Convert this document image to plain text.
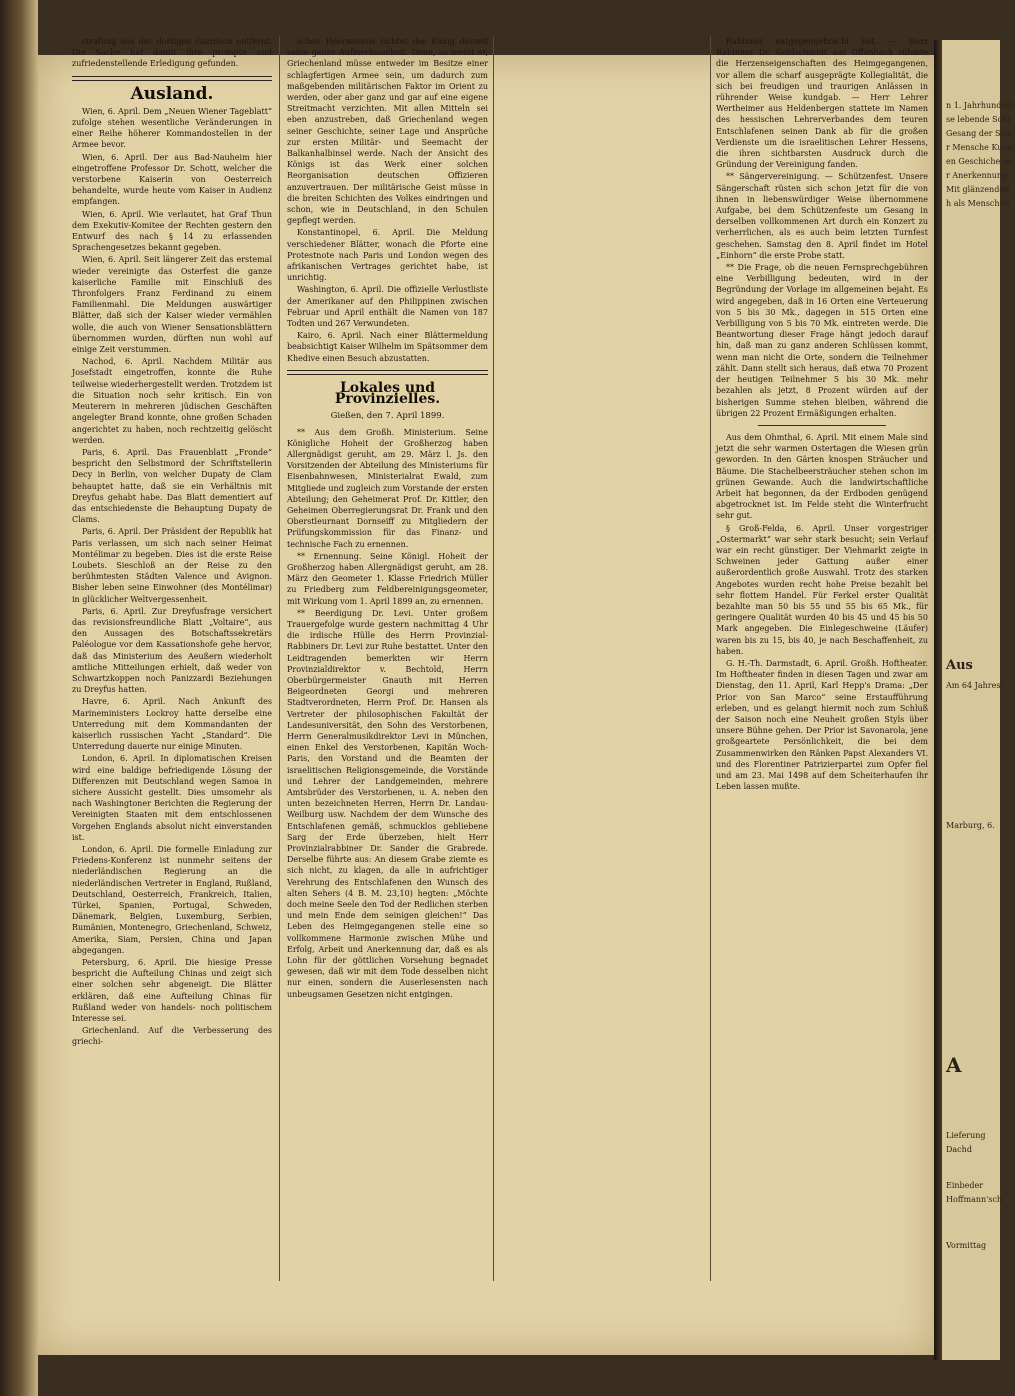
strafung aus der dortigen Garnison entfernt. Die Sache hat damit ihre prompte und zufriedenstellende Erledigung gefunden.

Ausland.

Wien, 6. April. Dem „Neuen Wiener Tageblatt“ zufolge stehen wesentliche Veränderungen in einer Reihe höherer Kommandostellen in der Armee bevor.

Wien, 6. April. Der aus Bad-Nauheim hier eingetroffene Professor Dr. Schott, welcher die verstorbene Kaiserin von Oesterreich behandelte, wurde heute vom Kaiser in Audienz empfangen.

Wien, 6. April. Wie verlautet, hat Graf Thun dem Exekutiv-Komitee der Rechten gestern den Entwurf des nach § 14 zu erlassenden Sprachengesetzes bekannt gegeben.

Wien, 6. April. Seit längerer Zeit das erstemal wieder vereinigte das Osterfest die ganze kaiserliche Familie mit Einschluß des Thronfolgers Franz Ferdinand zu einem Familienmahl. Die Meldungen auswärtiger Blätter, daß sich der Kaiser wieder vermählen wolle, die auch von Wiener Sensationsblättern übernommen wurden, dürften nun wohl auf einige Zeit verstummen.

Nachod, 6. April. Nachdem Militär aus Josefstadt eingetroffen, konnte die Ruhe teilweise wiederhergestellt werden. Trotzdem ist die Situation noch sehr kritisch. Ein von Meuterern in mehreren jüdischen Geschäften angelegter Brand konnte, ohne großen Schaden angerichtet zu haben, noch rechtzeitig gelöscht werden.

Paris, 6. April. Das Frauenblatt „Fronde“ bespricht den Selbstmord der Schriftstellerin Decy in Berlin, von welcher Dupaty de Clam behauptet hatte, daß sie ein Verhältnis mit Dreyfus gehabt habe. Das Blatt dementiert auf das entschiedenste die Behauptung Dupaty de Clams.

Paris, 6. April. Der Präsident der Republik hat Paris verlassen, um sich nach seiner Heimat Montélimar zu begeben. Dies ist die erste Reise Loubets. Sieschloß an der Reise zu den berühmtesten Städten Valence und Avignon. Bisher leben seine Einwohner (des Montélimar) in glücklicher Weltvergessenheit.

Paris, 6. April. Zur Dreyfusfrage versichert das revisionsfreundliche Blatt „Voltaire“, aus den Aussagen des Botschaftssekretärs Paléologue vor dem Kassationshofe gehe hervor, daß das Ministerium des Aeußern wiederholt amtliche Mitteilungen erhielt, daß weder von Schwartzkoppen noch Panizzardi Beziehungen zu Dreyfus hatten.

Havre, 6. April. Nach Ankunft des Marineministers Lockroy hatte derselbe eine Unterredung mit dem Kommandanten der kaiserlich russischen Yacht „Standard“. Die Unterredung dauerte nur einige Minuten.

London, 6. April. In diplomatischen Kreisen wird eine baldige befriedigende Lösung der Differenzen mit Deutschland wegen Samoa in sichere Aussicht gestellt. Dies umsomehr als nach Washingtoner Berichten die Regierung der Vereinigten Staaten mit dem entschlossenen Vorgehen Englands absolut nicht einverstanden ist.

London, 6. April. Die formelle Einladung zur Friedens-Konferenz ist nunmehr seitens der niederländischen Regierung an die niederländischen Vertreter in England, Rußland, Deutschland, Oesterreich, Frankreich, Italien, Türkei, Spanien, Portugal, Schweden, Dänemark, Belgien, Luxemburg, Serbien, Rumänien, Montenegro, Griechenland, Schweiz, Amerika, Siam, Persien, China und Japan abgegangen.

Petersburg, 6. April. Die hiesige Presse bespricht die Aufteilung Chinas und zeigt sich einer solchen sehr abgeneigt. Die Blätter erklären, daß eine Aufteilung Chinas für Rußland weder von handels- noch politischem Interesse sei.

Griechenland. Auf die Verbesserung des griechi-

schen Heerwesens richtet der König derzeit seine ganze Aufmerksamkeit. Denn, so meint er, Griechenland müsse entweder im Besitze einer schlagfertigen Armee sein, um dadurch zum maßgebenden militärischen Faktor im Orient zu werden, oder aber ganz und gar auf eine eigene Streitmacht verzichten. Mit allen Mitteln sei eben anzustreben, daß Griechenland wegen seiner Geschichte, seiner Lage und Ansprüche zur ersten Militär- und Seemacht der Balkanhalbinsel werde. Nach der Ansicht des Königs ist das Werk einer solchen Reorganisation deutschen Offizieren anzuvertrauen. Der militärische Geist müsse in die breiten Schichten des Volkes eindringen und schon, wie in Deutschland, in den Schulen gepflegt werden.

Konstantinopel, 6. April. Die Meldung verschiedener Blätter, wonach die Pforte eine Protestnote nach Paris und London wegen des afrikanischen Vertrages gerichtet habe, ist unrichtig.

Washington, 6. April. Die offizielle Verlustliste der Amerikaner auf den Philippinen zwischen Februar und April enthält die Namen von 187 Todten und 267 Verwundeten.

Kairo, 6. April. Nach einer Blättermeldung beabsichtigt Kaiser Wilhelm im Spätsommer dem Khedive einen Besuch abzustatten.

Lokales und Provinzielles.
Gießen, den 7. April 1899.

** Aus dem Großh. Ministerium. Seine Königliche Hoheit der Großherzog haben Allergnädigst geruht, am 29. März l. Js. den Vorsitzenden der Abteilung des Ministeriums für Eisenbahnwesen, Ministerialrat Ewald, zum Mitgliede und zugleich zum Vorstande der ersten Abteilung; den Geheimerat Prof. Dr. Kittler, den Geheimen Oberregierungsrat Dr. Frank und den Oberstleurnant Dornseiff zu Mitgliedern der Prüfungskommission für das Finanz- und technische Fach zu ernennen.

** Ernennung. Seine Königl. Hoheit der Großherzog haben Allergnädigst geruht, am 28. März den Geometer 1. Klasse Friedrich Müller zu Friedberg zum Feldbereinigungsgeometer, mit Wirkung vom 1. April 1899 an, zu ernennen.

** Beerdigung Dr. Levi. Unter großem Trauergefolge wurde gestern nachmittag 4 Uhr die irdische Hülle des Herrn Provinzial-Rabbiners Dr. Levi zur Ruhe bestattet. Unter den Leidtragenden bemerkten wir Herrn Provinzialdirektor v. Bechtold, Herrn Oberbürgermeister Gnauth mit Herren Beigeordneten Georgi und mehreren Stadtverordneten, Herrn Prof. Dr. Hansen als Vertreter der philosophischen Fakultät der Landesuniversität, den Sohn des Verstorbenen, Herrn Generalmusikdirektor Levi in München, einen Enkel des Verstorbenen, Kapitän Woch-Paris, den Vorstand und die Beamten der israelitischen Religionsgemeinde, die Vorstände und Lehrer der Landgemeinden, mehrere Amtsbrüder des Verstorbenen, u. A. neben den unten bezeichneten Herren, Herrn Dr. Landau-Weilburg usw. Nachdem der dem Wunsche des Entschlafenen gemäß, schmucklos gebliebene Sarg der Erde überzeben, hielt Herr Provinzialrabbiner Dr. Sander die Grabrede. Derselbe führte aus: An diesem Grabe ziemte es sich nicht, zu klagen, da alle in aufrichtiger Verehrung des Entschlafenen den Wunsch des alten Sehers (4 B. M. 23,10) hegten: „Möchte doch meine Seele den Tod der Redlichen sterben und mein Ende dem seinigen gleichen!“ Das Leben des Heimgegangenen stelle eine so vollkommene Harmonie zwischen Mühe und Erfolg, Arbeit und Anerkennung dar, daß es als Lohn für der göttlichen Vorsehung begnadet gewesen, daß wir mit dem Tode desselben nicht nur einen, sondern die Auserlesensten nach unbeugsamen Gesetzen nicht entgingen.

Rabbiner entgegengebracht hat. — Herr Rabbiner Dr. Goldschmidt aus Offenbach rühmte die Herzenseigenschaften des Heimgegangenen, vor allem die scharf ausgeprägte Kollegialität, die sich bei freudigen und traurigen Anlässen in rührender Weise kundgab. — Herr Lehrer Wertheimer aus Heldenbergen stattete im Namen des hessischen Lehrerverbandes dem teuren Entschlafenen seinen Dank ab für die großen Verdienste um die israelitischen Lehrer Hessens, die ihren sichtbarsten Ausdruck durch die Gründung der Vereinigung fanden.

** Sängervereinigung. — Schützenfest. Unsere Sängerschaft rüsten sich schon jetzt für die von ihnen in liebenswürdiger Weise übernommene Aufgabe, bei dem Schützenfeste um Gesang in derselben vollkommenen Art durch ein Konzert zu verherrlichen, als es auch beim letzten Turnfest geschehen. Samstag den 8. April findet im Hotel „Einhorn“ die erste Probe statt.

** Die Frage, ob die neuen Fernsprechgebühren eine Verbilligung bedeuten, wird in der Begründung der Vorlage im allgemeinen bejaht. Es wird angegeben, daß in 16 Orten eine Verteuerung von 5 bis 30 Mk., dagegen in 515 Orten eine Verbilligung von 5 bis 70 Mk. eintreten werde. Die Beantwortung dieser Frage hängt jedoch darauf hin, daß man zu ganz anderen Schlüssen kommt, wenn man nicht die Orte, sondern die Teilnehmer zählt. Dann stellt sich heraus, daß etwa 70 Prozent der heutigen Teilnehmer 5 bis 30 Mk. mehr bezahlen als jetzt, 8 Prozent würden auf der bisherigen Summe stehen bleiben, während die übrigen 22 Prozent Ermäßigungen erhalten.

Aus dem Ohmthal, 6. April. Mit einem Male sind jetzt die sehr warmen Ostertagen die Wiesen grün geworden. In den Gärten knospen Sträucher und Bäume. Die Stachelbeersträucher stehen schon im grünen Gewande. Auch die landwirtschaftliche Arbeit hat begonnen, da der Erdboden genügend abgetrocknet ist. Im Felde steht die Winterfrucht sehr gut.

§ Groß-Felda, 6. April. Unser vorgestriger „Ostermarkt“ war sehr stark besucht; sein Verlauf war ein recht günstiger. Der Viehmarkt zeigte in Schweinen jeder Gattung außer einer außerordentlich große Auswahl. Trotz des starken Angebotes wurden recht hohe Preise bezahlt bei sehr flottem Handel. Für Ferkel erster Qualität bezahlte man 50 bis 55 und 55 bis 65 Mk., für geringere Qualität wurden 40 bis 45 und 45 bis 50 Mark angegeben. Die Einlegeschweine (Läufer) waren bis zu 15, bis 40, je nach Beschaffenheit, zu haben.

G. H.-Th. Darmstadt, 6. April. Großh. Hoftheater. Im Hoftheater finden in diesen Tagen und zwar am Dienstag, den 11. April, Karl Hepp's Drama: „Der Prior von San Marco“ seine Erstaufführung erleben, und es gelangt hiermit noch zum Schluß der Saison noch eine Neuheit großen Styls über unsere Bühne gehen. Der Prior ist Savonarola, jene großgeartete Persönlichkeit, die bei dem Zusammenwirken den Ränken Papst Alexanders VI. und des Florentiner Patrizierpartei zum Opfer fiel und am 23. Mai 1498 auf dem Scheiterhaufen ihr Leben lassen mußte.

n 1. Jahrhundert
se lebende Schr
Gesang der Sen
r Mensche Kunst
en Geschiche so
r Anerkennung
Mit glänzenden
h als Menschen
Aus
Am 64 Jahrest
Marburg, 6.
A
Lieferung
Dachd
Einbeder
Hoffmann'sch
Vormittag
